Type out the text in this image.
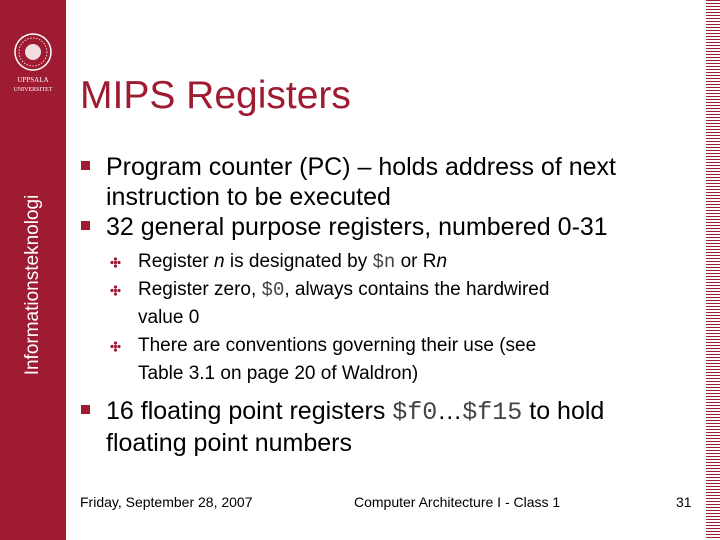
UPPSALA
UNIVERSITET
Informationsteknologi
MIPS Registers
Program counter (PC) – holds address of next
instruction to be executed
32 general purpose registers, numbered 0-31
Register n is designated by $n or Rn
Register zero, $0, always contains the hardwired
value 0
There are conventions governing their use (see
Table 3.1 on page 20 of Waldron)
16 floating point registers $f0…$f15 to hold
floating point numbers
Friday, September 28, 2007	Computer Architecture I - Class 1	31
